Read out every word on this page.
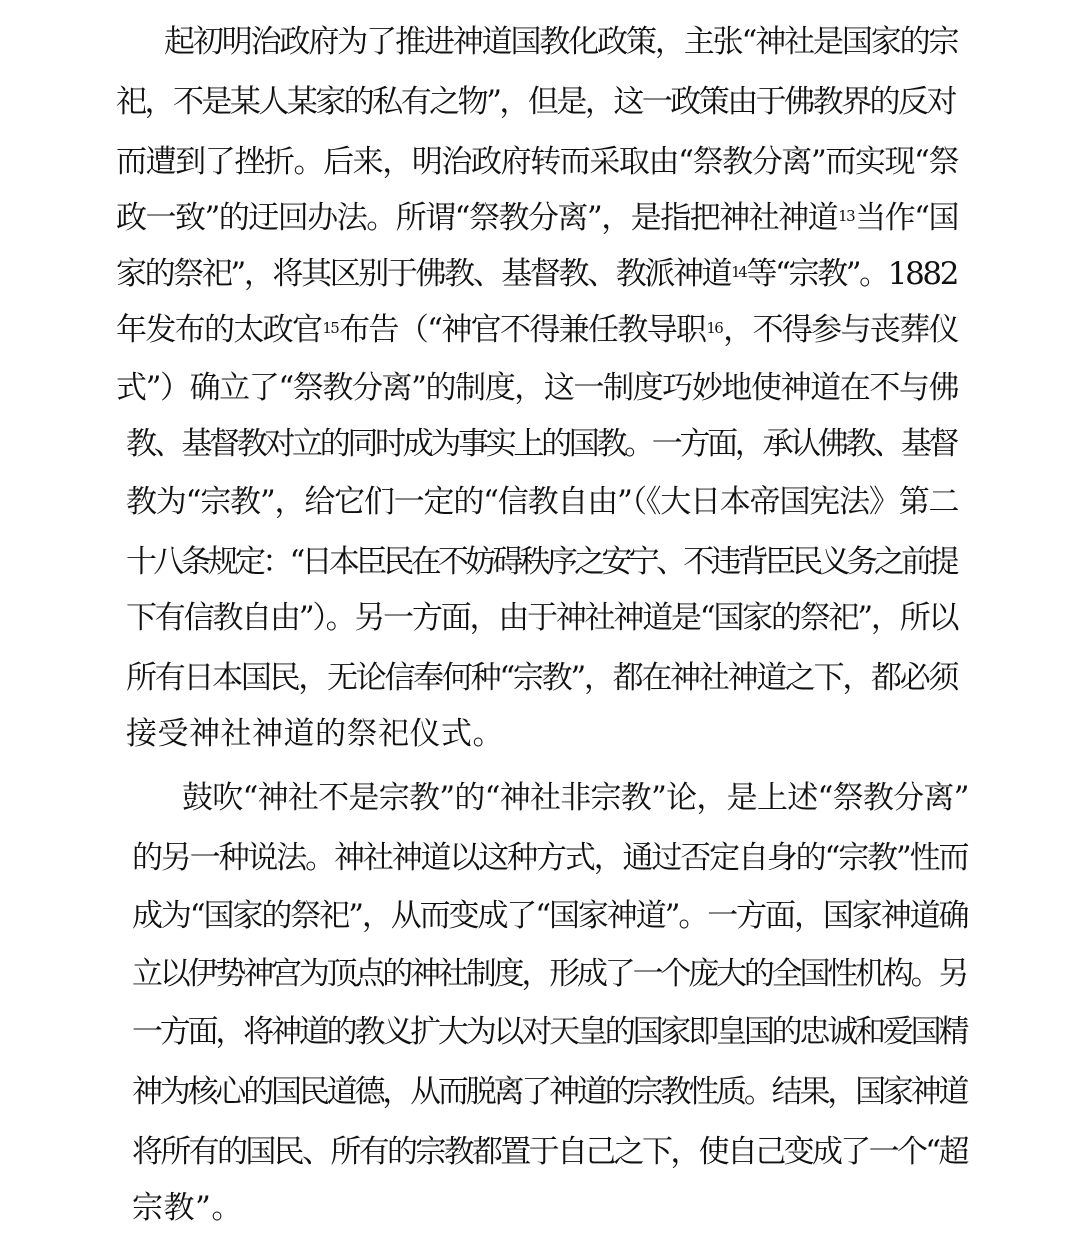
起初明治政府为了推进神道国教化政策，主张“神社是国家的宗
祀，不是某人某家的私有之物”，但是，这一政策由于佛教界的反对
而遭到了挫折。后来，明治政府转而采取由“祭教分离”而实现“祭
政一致”的迂回办法。所谓“祭教分离”，是指把神社神道$^{13}$当作“国
家的祭祀”，将其区别于佛教、基督教、教派神道$^{14}$等“宗教”。1882
年发布的太政官$^{15}$布告（“神官不得兼任教导职$^{16}$，不得参与丧葬仪
式”）确立了“祭教分离”的制度，这一制度巧妙地使神道在不与佛
教、基督教对立的同时成为事实上的国教。一方面，承认佛教、基督
教为“宗教”，给它们一定的“信教自由”（《大日本帝国宪法》第二
十八条规定：“日本臣民在不妨碍秩序之安宁、不违背臣民义务之前提
下有信教自由”）。另一方面，由于神社神道是“国家的祭祀”，所以
所有日本国民，无论信奉何种“宗教”，都在神社神道之下，都必须
接受神社神道的祭祀仪式。
鼓吹“神社不是宗教”的“神社非宗教”论，是上述“祭教分离”
的另一种说法。神社神道以这种方式，通过否定自身的“宗教”性而
成为“国家的祭祀”，从而变成了“国家神道”。一方面，国家神道确
立以伊势神宫为顶点的神社制度，形成了一个庞大的全国性机构。另
一方面，将神道的教义扩大为以对天皇的国家即皇国的忠诚和爱国精
神为核心的国民道德，从而脱离了神道的宗教性质。结果，国家神道
将所有的国民、所有的宗教都置于自己之下，使自己变成了一个“超
宗教”。
